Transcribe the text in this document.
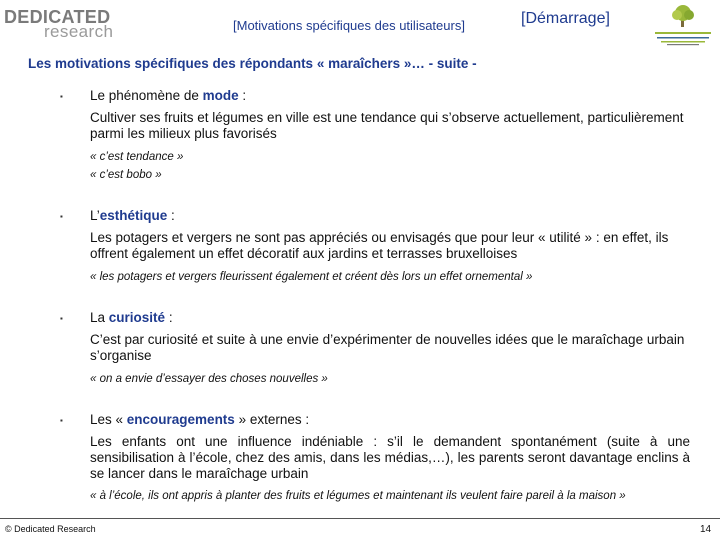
DEDICATED
research	[Motivations spécifiques des utilisateurs]	[Démarrage]
Les motivations spécifiques des répondants « maraîchers »… - suite -
▪ Le phénomène de mode :

Cultiver ses fruits et légumes en ville est une tendance qui s’observe actuellement, particulièrement parmi les milieux plus favorisés

« c’est tendance »

« c’est bobo »

▪ L’esthétique :

Les potagers et vergers ne sont pas appréciés ou envisagés que pour leur « utilité » : en effet, ils offrent également un effet décoratif aux jardins et terrasses bruxelloises

« les potagers et vergers fleurissent également et créent dès lors un effet ornemental »

▪ La curiosité :

C’est par curiosité et suite à une envie d’expérimenter de nouvelles idées que le maraîchage urbain s’organise

« on a envie d’essayer des choses nouvelles »

▪ Les « encouragements » externes :

Les enfants ont une influence indéniable : s’il le demandent spontanément (suite à une sensibilisation à l’école, chez des amis, dans les médias,…), les parents seront davantage enclins à se lancer dans le maraîchage urbain

« à l’école, ils ont appris à planter des fruits et légumes et maintenant ils veulent faire pareil à la maison »

© Dedicated Research	14
